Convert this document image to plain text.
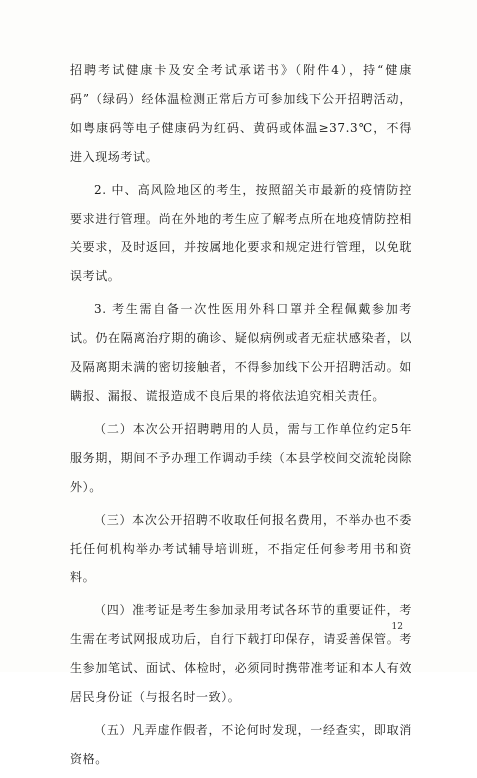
招聘考试健康卡及安全考试承诺书》（附件4），持“健康码”（绿码）经体温检测正常后方可参加线下公开招聘活动，如粤康码等电子健康码为红码、黄码或体温≥37.3℃，不得进入现场考试。

2. 中、高风险地区的考生，按照韶关市最新的疫情防控要求进行管理。尚在外地的考生应了解考点所在地疫情防控相关要求，及时返回，并按属地化要求和规定进行管理，以免耽误考试。

3. 考生需自备一次性医用外科口罩并全程佩戴参加考试。仍在隔离治疗期的确诊、疑似病例或者无症状感染者，以及隔离期未满的密切接触者，不得参加线下公开招聘活动。如瞒报、漏报、谎报造成不良后果的将依法追究相关责任。

（二）本次公开招聘聘用的人员，需与工作单位约定5年服务期，期间不予办理工作调动手续（本县学校间交流轮岗除外）。

（三）本次公开招聘不收取任何报名费用，不举办也不委托任何机构举办考试辅导培训班，不指定任何参考用书和资料。

（四）准考证是考生参加录用考试各环节的重要证件，考生需在考试网报成功后，自行下载打印保存，请妥善保管。考生参加笔试、面试、体检时，必须同时携带准考证和本人有效居民身份证（与报名时一致）。

（五）凡弄虚作假者，不论何时发现，一经查实，即取消资格。

12
